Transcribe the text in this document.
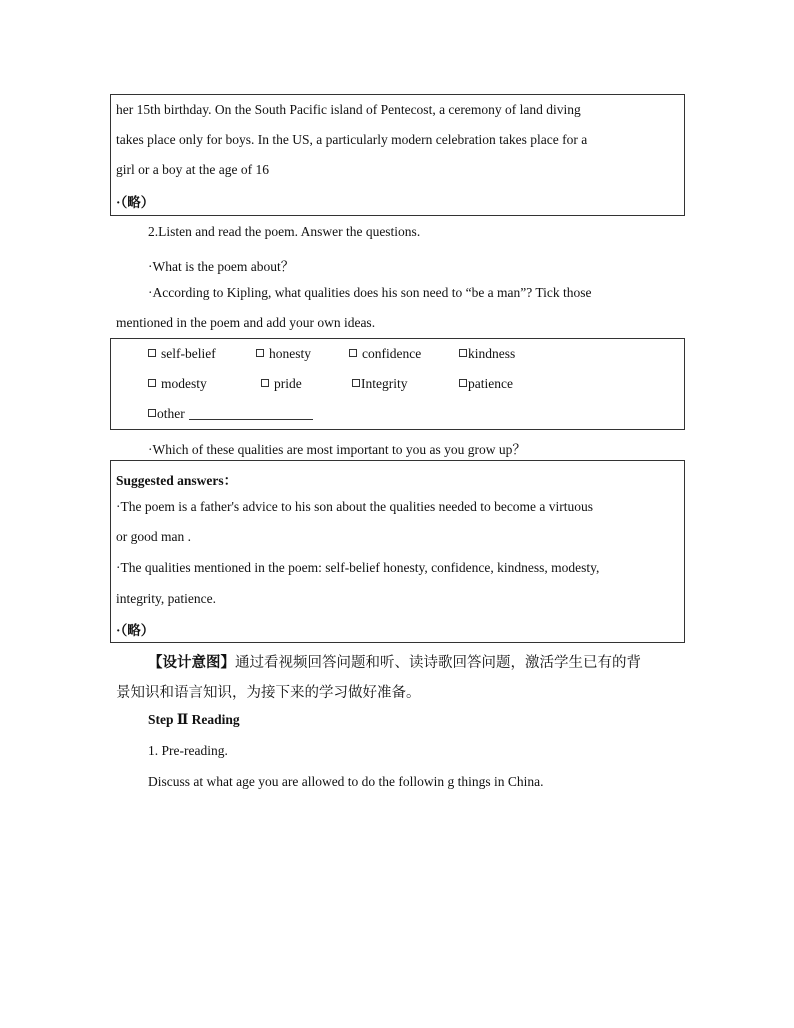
her 15th birthday. On the South Pacific island of Pentecost, a ceremony of land diving
takes place only for boys. In the US, a particularly modern celebration takes place for a
girl or a boy at the age of 16
·（略）
2.Listen and read the poem. Answer the questions.
·What is the poem about？
·According to Kipling, what qualities does his son need to “be a man”? Tick those
mentioned in the poem and add your own ideas.
self-belief	honesty	confidence	kindness
modesty	pride	Integrity	patience
other
·Which of these qualities are most important to you as you grow up？
Suggested answers：
·The poem is a father's advice to his son about the qualities needed to become a virtuous
or good man .
·The qualities mentioned in the poem: self-belief honesty, confidence, kindness, modesty,
integrity, patience.
·（略）
【设计意图】通过看视频回答问题和听、读诗歌回答问题，激活学生已有的背
景知识和语言知识，为接下来的学习做好准备。
Step Ⅱ Reading
1. Pre-reading.
Discuss at what age you are allowed to do the followin g things in China.
